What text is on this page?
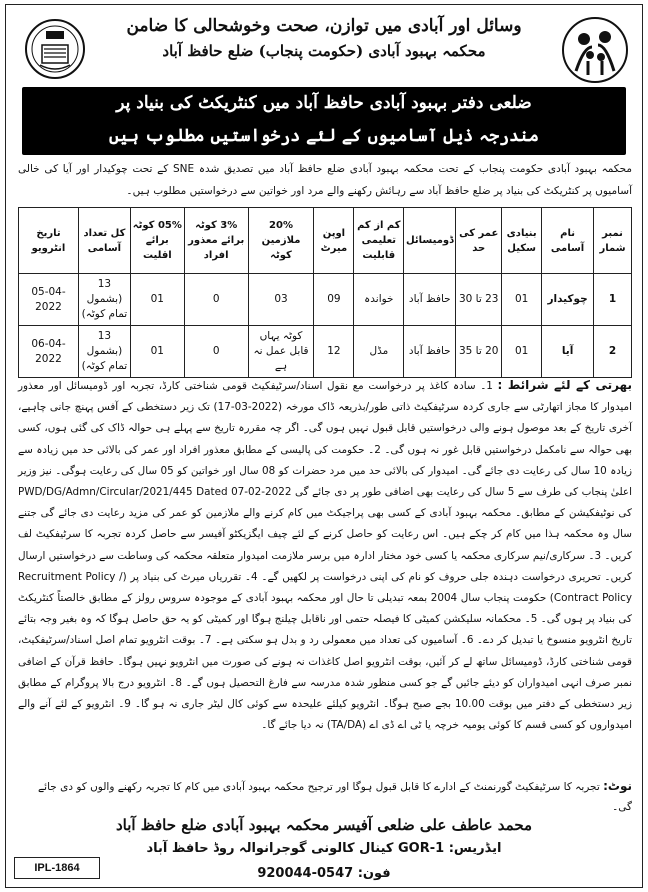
وسائل اور آبادی میں توازن، صحت وخوشحالی کا ضامن
محکمہ بہبود آبادی (حکومت پنجاب) ضلع حافظ آباد
ضلعی دفتر بہبود آبادی حافظ آباد میں کنٹریکٹ کی بنیاد پر
مندرجہ ذیل آسامیوں کے لئے درخواستیں مطلوب ہیں
محکمہ بہبود آبادی حکومت پنجاب کے تحت محکمہ بہبود آبادی ضلع حافظ آباد میں تصدیق شدہ SNE کے تحت چوکیدار اور آیا کی خالی آسامیوں پر کنٹریکٹ کی بنیاد پر ضلع حافظ آباد سے رہائش رکھنے والے مرد اور خواتین سے درخواستیں مطلوب ہیں۔
نمبر شمار	نام آسامی	بنیادی سکیل	عمر کی حد	ڈومیسائل	کم از کم تعلیمی قابلیت	اوپن میرٹ	20% ملازمین کوٹہ	3% کوٹہ برائے معذور افراد	05% کوٹہ برائے اقلیت	کل تعداد آسامی	تاریخ انٹرویو
1	چوکیدار	01	23 تا 30	حافظ آباد	خواندہ	09	03	0	01	13 (بشمول تمام کوٹہ)	05-04-2022
2	آیا	01	20 تا 35	حافظ آباد	مڈل	12	کوٹہ یہاں قابل عمل نہ ہے	0	01	13 (بشمول تمام کوٹہ)	06-04-2022
بھرتی کے لئے شرائط : 1۔ سادہ کاغذ پر درخواست مع نقول اسناد/سرٹیفکیٹ قومی شناختی کارڈ، تجربہ اور ڈومیسائل اور معذور امیدوار کا مجاز اتھارٹی سے جاری کردہ سرٹیفکیٹ ذاتی طور/بذریعہ ڈاک مورخہ (2022-03-17) تک زیر دستخطی کے آفس پہنچ جانی چاہیے، آخری تاریخ کے بعد موصول ہونے والی درخواستیں قابل قبول نہیں ہوں گی۔ اگر چہ مقررہ تاریخ سے پہلے ہی حوالہ ڈاک کی گئی ہوں، کسی بھی حوالہ سے نامکمل درخواستیں قابل غور نہ ہوں گی۔ 2۔ حکومت کی پالیسی کے مطابق معذور افراد اور عمر کی بالائی حد میں زیادہ سے زیادہ 10 سال کی رعایت دی جائے گی۔ امیدوار کی بالائی حد میں مرد حضرات کو 08 سال اور خواتین کو 05 سال کی رعایت ہوگی۔ نیز وزیر اعلیٰ پنجاب کی طرف سے 5 سال کی رعایت بھی اضافی طور پر دی جائے گی PWD/DG/Admn/Circular/2021/445 Dated 07-02-2022 کی نوٹیفکیشن کے مطابق۔ محکمہ بہبود آبادی کے کسی بھی پراجیکٹ میں کام کرنے والے ملازمین کو عمر کی مزید رعایت دی جائے گی جتنے سال وہ محکمہ ہذا میں کام کر چکے ہیں۔ اس رعایت کو حاصل کرنے کے لئے چیف ایگزیکٹو آفیسر سے حاصل کردہ تجربہ کا سرٹیفکیٹ لف کریں۔ 3۔ سرکاری/نیم سرکاری محکمہ یا کسی خود مختار ادارہ میں برسر ملازمت امیدوار متعلقہ محکمہ کی وساطت سے درخواستیں ارسال کریں۔ تحریری درخواست دہندہ جلی حروف کو نام کی اپنی درخواست پر لکھیں گے۔ 4۔ تقرریاں میرٹ کی بنیاد پر (Recruitment Policy / Contract Policy) حکومت پنجاب سال 2004 بمعہ تبدیلی تا حال اور محکمہ بہبود آبادی کے موجودہ سروس رولز کے مطابق خالصتاً کنٹریکٹ کی بنیاد پر ہوں گی۔ 5۔ محکمانہ سلیکشن کمیٹی کا فیصلہ حتمی اور ناقابل چیلنج ہوگا اور کمیٹی کو یہ حق حاصل ہوگا کہ وہ بغیر وجہ بتائے تاریخ انٹرویو منسوخ یا تبدیل کر دے۔ 6۔ آسامیوں کی تعداد میں معمولی رد و بدل ہو سکتی ہے۔ 7۔ بوقت انٹرویو تمام اصل اسناد/سرٹیفکیٹ، قومی شناختی کارڈ، ڈومیسائل ساتھ لے کر آئیں، بوقت انٹرویو اصل کاغذات نہ ہونے کی صورت میں انٹرویو نہیں ہوگا۔ حافظ قرآن کے اضافی نمبر صرف انہی امیدواران کو دیئے جائیں گے جو کسی منظور شدہ مدرسہ سے فارغ التحصیل ہوں گے۔ 8۔ انٹرویو درج بالا پروگرام کے مطابق زیر دستخطی کے دفتر میں بوقت 10.00 بجے صبح ہوگا۔ انٹرویو کیلئے علیحدہ سے کوئی کال لیٹر جاری نہ ہو گا۔ 9۔ انٹرویو کے لئے آنے والے امیدواروں کو کسی قسم کا کوئی یومیہ خرچہ یا ٹی اے ڈی اے (TA/DA) نہ دیا جائے گا۔
نوٹ: تجربہ کا سرٹیفکیٹ گورنمنٹ کے ادارے کا قابل قبول ہوگا اور ترجیح محکمہ بہبود آبادی میں کام کا تجربہ رکھنے والوں کو دی جائے گی۔
محمد عاطف علی ضلعی آفیسر محکمہ بہبود آبادی ضلع حافظ آباد
ایڈریس: GOR-1 کینال کالونی گوجرانوالہ روڈ حافظ آباد
فون: 0547-920044
IPL-1864
